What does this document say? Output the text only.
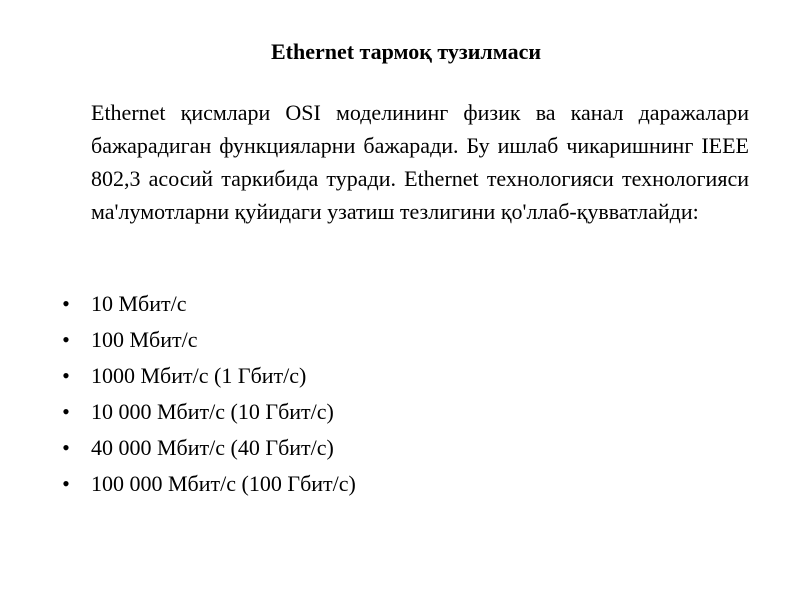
Ethernet тармоқ тузилмаси
Ethernet қисмлари OSI моделининг физик ва канал даражалари бажарадиган функцияларни бажаради. Бу ишлаб чикаришнинг IEEE 802,3 асосий таркибида туради. Ethernet технологияси технологияси ма'лумотларни қуйидаги узатиш тезлигини қо'ллаб-қувватлайди:
• 10 Мбит/с
• 100 Мбит/с
• 1000 Мбит/с (1 Гбит/с)
• 10 000 Мбит/с (10 Гбит/с)
• 40 000 Мбит/с (40 Гбит/с)
• 100 000 Мбит/с (100 Гбит/с)
